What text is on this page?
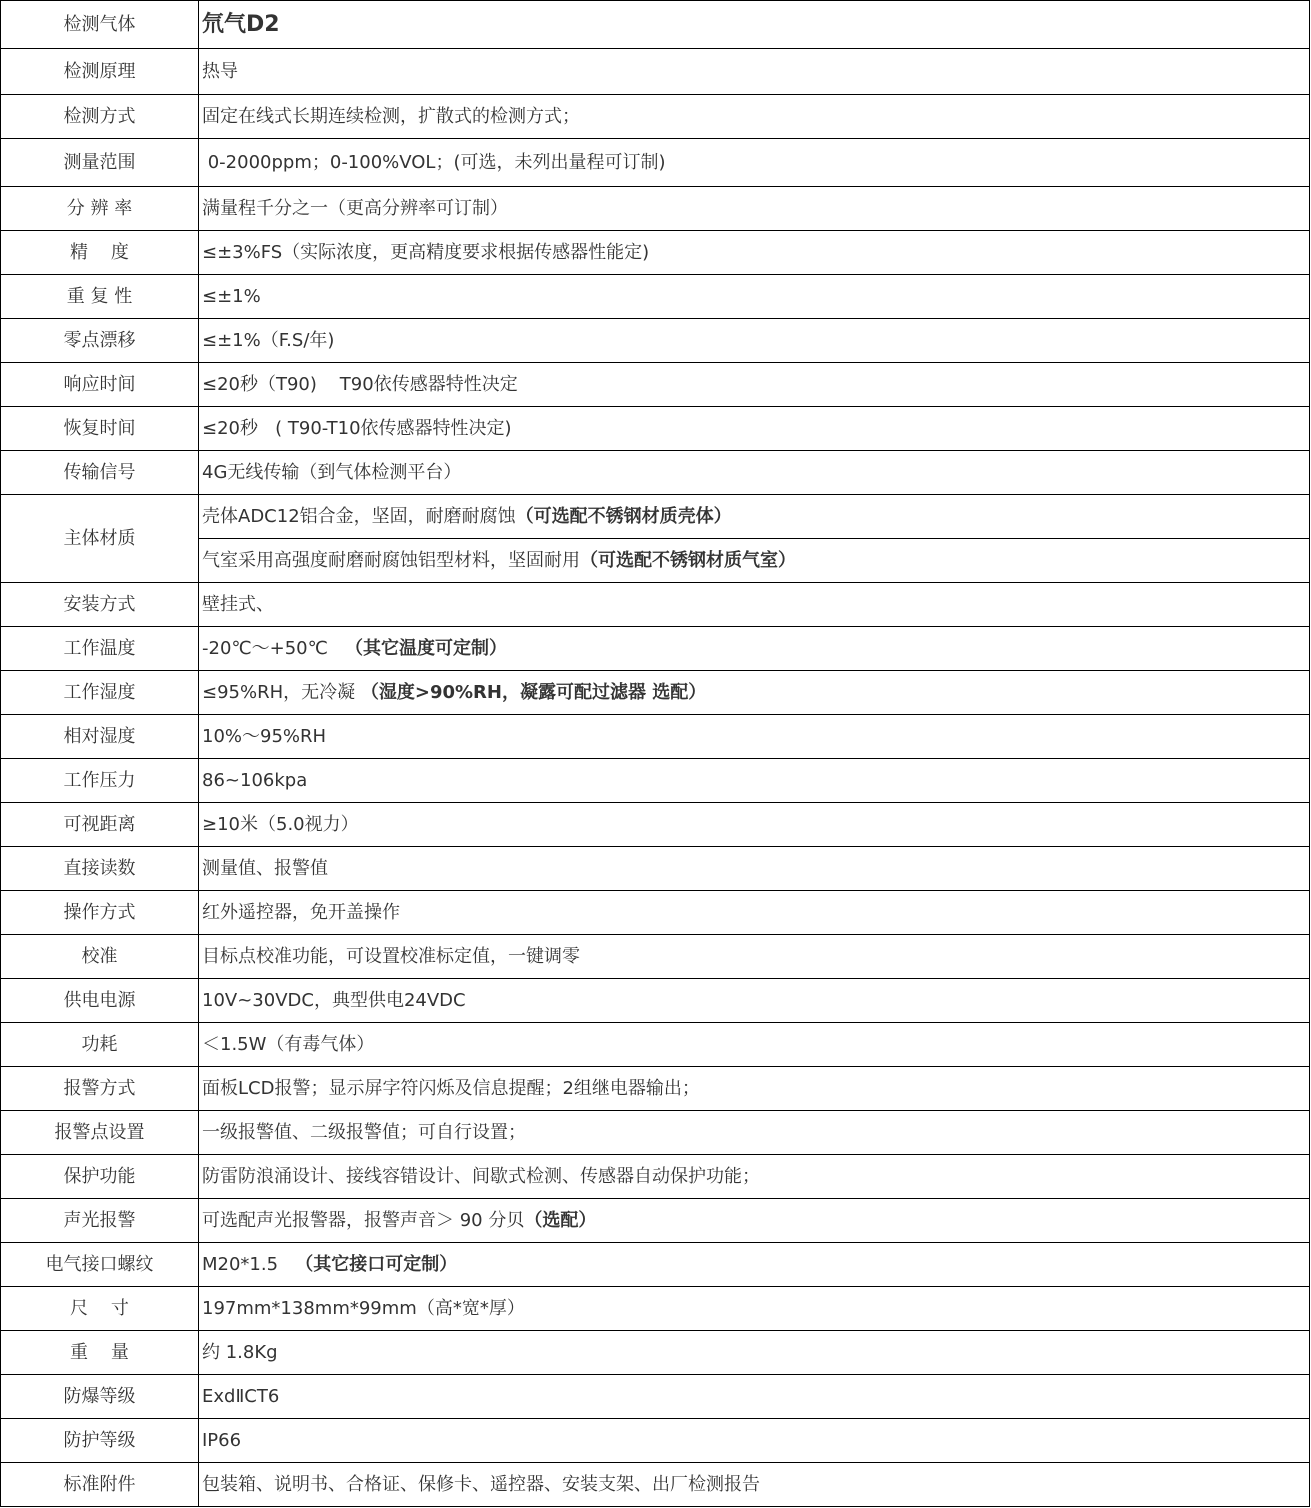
检测气体	氘气D2
检测原理	热导
检测方式	固定在线式长期连续检测，扩散式的检测方式；
测量范围	0-2000ppm；0-100%VOL；(可选，未列出量程可订制)
分 辨 率	满量程千分之一（更高分辨率可订制）
精    度	≤±3%FS（实际浓度，更高精度要求根据传感器性能定)
重 复 性	≤±1%
零点漂移	≤±1%（F.S/年)
响应时间	≤20秒（T90)    T90依传感器特性决定
恢复时间	≤20秒   ( T90-T10依传感器特性决定)
传输信号	4G无线传输（到气体检测平台）
主体材质	壳体ADC12铝合金，坚固，耐磨耐腐蚀（可选配不锈钢材质壳体）
	气室采用高强度耐磨耐腐蚀铝型材料，坚固耐用（可选配不锈钢材质气室）
安装方式	壁挂式、
工作温度	-20℃～+50℃   （其它温度可定制）
工作湿度	≤95%RH，无冷凝 （湿度>90%RH，凝露可配过滤器 选配）
相对湿度	10%～95%RH
工作压力	86~106kpa
可视距离	≥10米（5.0视力）
直接读数	测量值、报警值
操作方式	红外遥控器，免开盖操作
校准	目标点校准功能，可设置校准标定值，一键调零
供电电源	10V~30VDC，典型供电24VDC
功耗	＜1.5W（有毒气体）
报警方式	面板LCD报警；显示屏字符闪烁及信息提醒；2组继电器输出；
报警点设置	一级报警值、二级报警值；可自行设置；
保护功能	防雷防浪涌设计、接线容错设计、间歇式检测、传感器自动保护功能；
声光报警	可选配声光报警器，报警声音＞ 90 分贝（选配）
电气接口螺纹	M20*1.5   （其它接口可定制）
尺    寸	197mm*138mm*99mm（高*宽*厚）
重    量	约 1.8Kg
防爆等级	ExdⅡCT6
防护等级	IP66
标准附件	包装箱、说明书、合格证、保修卡、遥控器、安装支架、出厂检测报告
